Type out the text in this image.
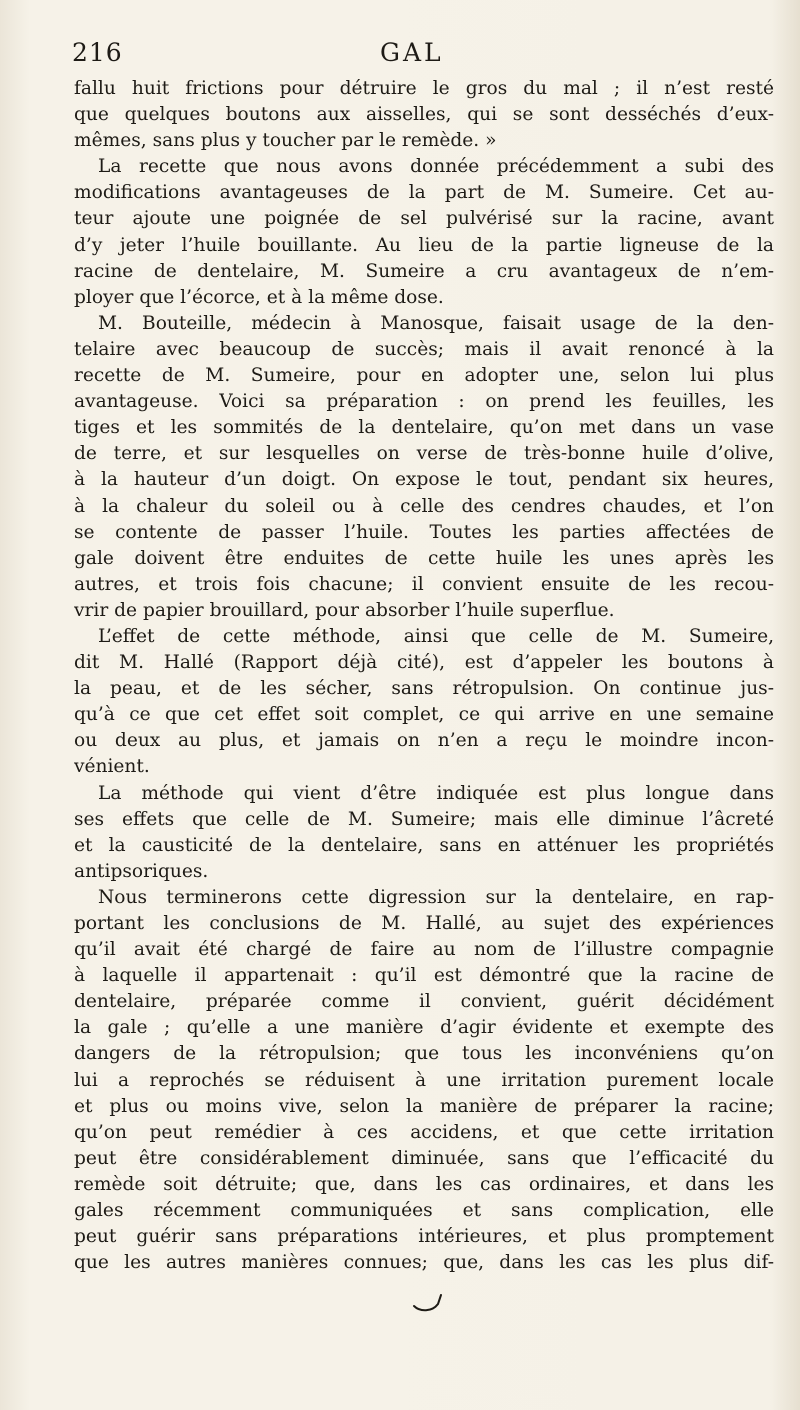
216	GAL
fallu huit frictions pour détruire le gros du mal ; il n’est resté
que quelques boutons aux aisselles, qui se sont desséchés d’eux-
mêmes, sans plus y toucher par le remède. »
La recette que nous avons donnée précédemment a subi des
modifications avantageuses de la part de M. Sumeire. Cet au-
teur ajoute une poignée de sel pulvérisé sur la racine, avant
d’y jeter l’huile bouillante. Au lieu de la partie ligneuse de la
racine de dentelaire, M. Sumeire a cru avantageux de n’em-
ployer que l’écorce, et à la même dose.
M. Bouteille, médecin à Manosque, faisait usage de la den-
telaire avec beaucoup de succès; mais il avait renoncé à la
recette de M. Sumeire, pour en adopter une, selon lui plus
avantageuse. Voici sa préparation : on prend les feuilles, les
tiges et les sommités de la dentelaire, qu’on met dans un vase
de terre, et sur lesquelles on verse de très-bonne huile d’olive,
à la hauteur d’un doigt. On expose le tout, pendant six heures,
à la chaleur du soleil ou à celle des cendres chaudes, et l’on
se contente de passer l’huile. Toutes les parties affectées de
gale doivent être enduites de cette huile les unes après les
autres, et trois fois chacune; il convient ensuite de les recou-
vrir de papier brouillard, pour absorber l’huile superflue.
L’effet de cette méthode, ainsi que celle de M. Sumeire,
dit M. Hallé (Rapport déjà cité), est d’appeler les boutons à
la peau, et de les sécher, sans rétropulsion. On continue jus-
qu’à ce que cet effet soit complet, ce qui arrive en une semaine
ou deux au plus, et jamais on n’en a reçu le moindre incon-
vénient.
La méthode qui vient d’être indiquée est plus longue dans
ses effets que celle de M. Sumeire; mais elle diminue l’âcreté
et la causticité de la dentelaire, sans en atténuer les propriétés
antipsoriques.
Nous terminerons cette digression sur la dentelaire, en rap-
portant les conclusions de M. Hallé, au sujet des expériences
qu’il avait été chargé de faire au nom de l’illustre compagnie
à laquelle il appartenait : qu’il est démontré que la racine de
dentelaire, préparée comme il convient, guérit décidément
la gale ; qu’elle a une manière d’agir évidente et exempte des
dangers de la rétropulsion; que tous les inconvéniens qu’on
lui a reprochés se réduisent à une irritation purement locale
et plus ou moins vive, selon la manière de préparer la racine;
qu’on peut remédier à ces accidens, et que cette irritation
peut être considérablement diminuée, sans que l’efficacité du
remède soit détruite; que, dans les cas ordinaires, et dans les
gales récemment communiquées et sans complication, elle
peut guérir sans préparations intérieures, et plus promptement
que les autres manières connues; que, dans les cas les plus dif-
